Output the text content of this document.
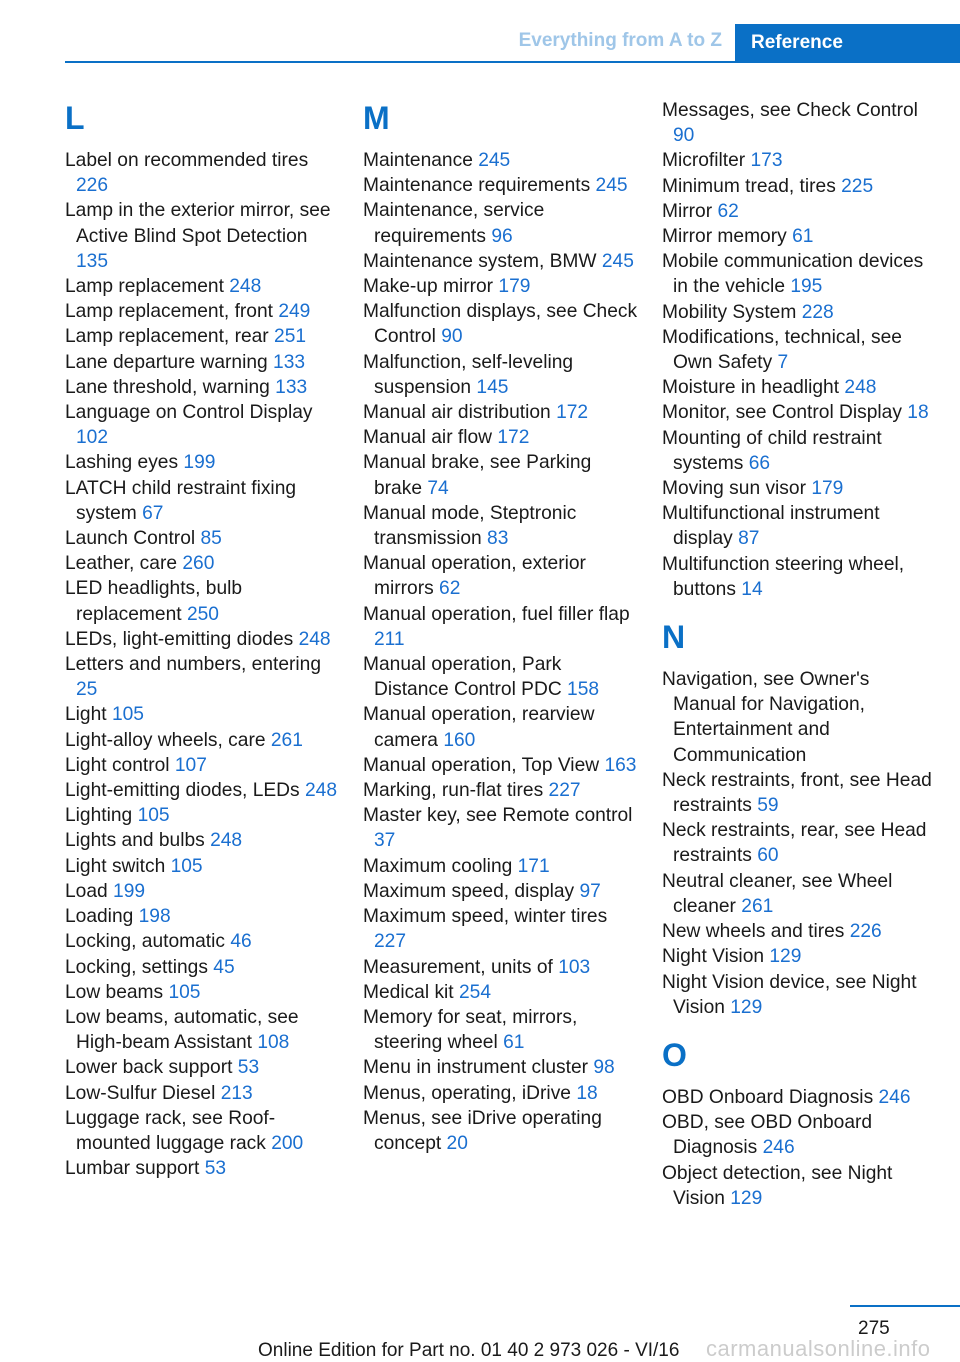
Everything from A to Z	Reference
L
Label on recommended tires 226
Lamp in the exterior mirror, see Active Blind Spot Detection 135
Lamp replacement 248
Lamp replacement, front 249
Lamp replacement, rear 251
Lane departure warning 133
Lane threshold, warning 133
Language on Control Display 102
Lashing eyes 199
LATCH child restraint fixing system 67
Launch Control 85
Leather, care 260
LED headlights, bulb replacement 250
LEDs, light-emitting diodes 248
Letters and numbers, entering 25
Light 105
Light-alloy wheels, care 261
Light control 107
Light-emitting diodes, LEDs 248
Lighting 105
Lights and bulbs 248
Light switch 105
Load 199
Loading 198
Locking, automatic 46
Locking, settings 45
Low beams 105
Low beams, automatic, see High-beam Assistant 108
Lower back support 53
Low-Sulfur Diesel 213
Luggage rack, see Roof-mounted luggage rack 200
Lumbar support 53
M
Maintenance 245
Maintenance requirements 245
Maintenance, service requirements 96
Maintenance system, BMW 245
Make-up mirror 179
Malfunction displays, see Check Control 90
Malfunction, self-leveling suspension 145
Manual air distribution 172
Manual air flow 172
Manual brake, see Parking brake 74
Manual mode, Steptronic transmission 83
Manual operation, exterior mirrors 62
Manual operation, fuel filler flap 211
Manual operation, Park Distance Control PDC 158
Manual operation, rearview camera 160
Manual operation, Top View 163
Marking, run-flat tires 227
Master key, see Remote control 37
Maximum cooling 171
Maximum speed, display 97
Maximum speed, winter tires 227
Measurement, units of 103
Medical kit 254
Memory for seat, mirrors, steering wheel 61
Menu in instrument cluster 98
Menus, operating, iDrive 18
Menus, see iDrive operating concept 20
Messages, see Check Control 90
Microfilter 173
Minimum tread, tires 225
Mirror 62
Mirror memory 61
Mobile communication devices in the vehicle 195
Mobility System 228
Modifications, technical, see Own Safety 7
Moisture in headlight 248
Monitor, see Control Display 18
Mounting of child restraint systems 66
Moving sun visor 179
Multifunctional instrument display 87
Multifunction steering wheel, buttons 14
N
Navigation, see Owner's Manual for Navigation, Entertainment and Communication
Neck restraints, front, see Head restraints 59
Neck restraints, rear, see Head restraints 60
Neutral cleaner, see Wheel cleaner 261
New wheels and tires 226
Night Vision 129
Night Vision device, see Night Vision 129
O
OBD Onboard Diagnosis 246
OBD, see OBD Onboard Diagnosis 246
Object detection, see Night Vision 129
275
Online Edition for Part no. 01 40 2 973 026 - VI/16 carmanualsonline.info
